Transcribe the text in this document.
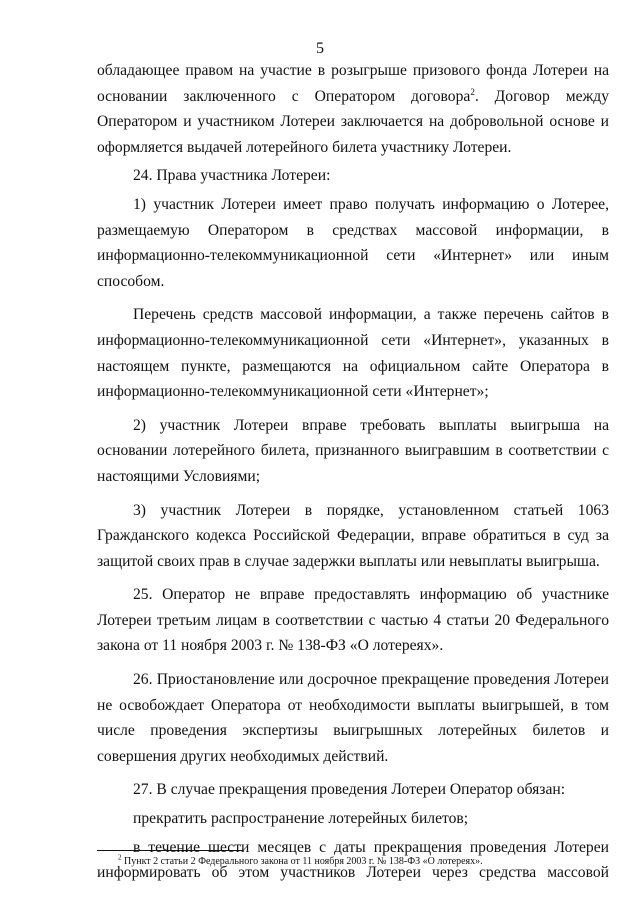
5

обладающее правом на участие в розыгрыше призового фонда Лотереи на основании заключенного с Оператором договора$^2$. Договор между Оператором и участником Лотереи заключается на добровольной основе и оформляется выдачей лотерейного билета участнику Лотереи.

24. Права участника Лотереи:

1) участник Лотереи имеет право получать информацию о Лотерее, размещаемую Оператором в средствах массовой информации, в информационно-телекоммуникационной сети «Интернет» или иным способом.

Перечень средств массовой информации, а также перечень сайтов в информационно-телекоммуникационной сети «Интернет», указанных в настоящем пункте, размещаются на официальном сайте Оператора в информационно-телекоммуникационной сети «Интернет»;

2) участник Лотереи вправе требовать выплаты выигрыша на основании лотерейного билета, признанного выигравшим в соответствии с настоящими Условиями;

3) участник Лотереи в порядке, установленном статьей 1063 Гражданского кодекса Российской Федерации, вправе обратиться в суд за защитой своих прав в случае задержки выплаты или невыплаты выигрыша.

25. Оператор не вправе предоставлять информацию об участнике Лотереи третьим лицам в соответствии с частью 4 статьи 20 Федерального закона от 11 ноября 2003 г. № 138-ФЗ «О лотереях».

26. Приостановление или досрочное прекращение проведения Лотереи не освобождает Оператора от необходимости выплаты выигрышей, в том числе проведения экспертизы выигрышных лотерейных билетов и совершения других необходимых действий.

27. В случае прекращения проведения Лотереи Оператор обязан:

прекратить распространение лотерейных билетов;

в течение шести месяцев с даты прекращения проведения Лотереи информировать об этом участников Лотереи через средства массовой

$^2$ Пункт 2 статьи 2 Федерального закона от 11 ноября 2003 г. № 138-ФЗ «О лотереях».
